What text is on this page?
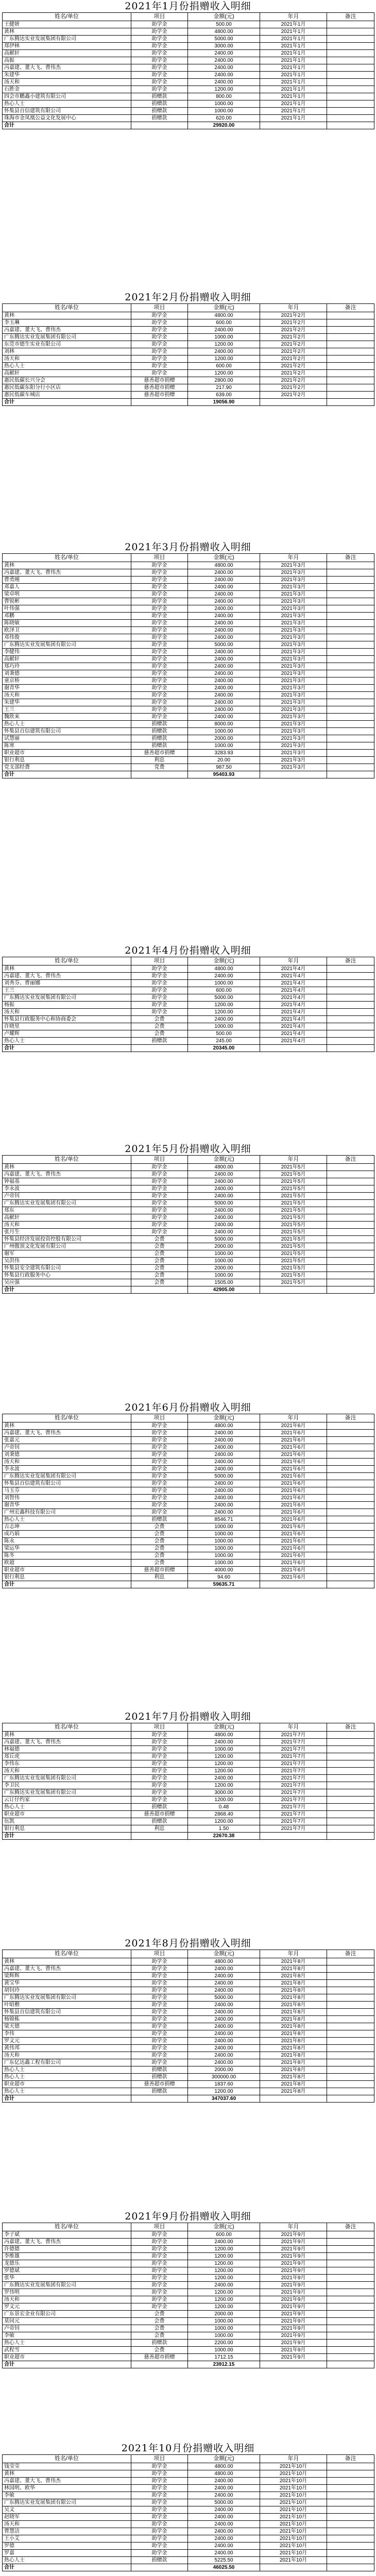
2021年1月份捐赠收入明细
姓名/单位	项目	金额(元)	年月	备注
王健妍	助学金	500.00	2021年1月	
黄林	助学金	4800.00	2021年1月	
广东腾达实业发展集团有限公司	助学金	5000.00	2021年1月	
郑伊林	助学金	3000.00	2021年1月	
高献轩	助学金	2400.00	2021年1月	
高振	助学金	2400.00	2021年1月	
冯嘉建、董大飞、曹伟杰	助学金	2400.00	2021年1月	
朱建华	助学金	2400.00	2021年1月	
汤天和	助学金	2400.00	2021年1月	
石胜金	助学金	1200.00	2021年1月	
四会市鹏鑫小建筑有限公司	捐赠款	800.00	2021年1月	
热心人士	捐赠款	1000.00	2021年1月	
怀集县百信建筑有限公司	捐赠款	1000.00	2021年1月	
珠海市金凤凰公益文化发展中心	捐赠款	620.00	2021年1月	
合计		29920.00		
2021年2月份捐赠收入明细
姓名/单位	项目	金额(元)	年月	备注
黄林	助学金	4800.00	2021年2月	
李玉琳	助学金	600.00	2021年2月	
冯嘉建、董大飞、曹伟杰	助学金	2400.00	2021年2月	
广东腾达实业发展集团有限公司	助学金	1000.00	2021年2月	
东莞市德生实业有限公司	助学金	1200.00	2021年2月	
刘林	助学金	2400.00	2021年2月	
汤天和	助学金	1200.00	2021年2月	
热心人士	助学金	600.00	2021年2月	
高献轩	助学金	1200.00	2021年2月	
惠民低碳长兴分会	慈善超市捐赠	2800.00	2021年2月	
惠民低碳东阳分行小区店	慈善超市捐赠	217.90	2021年2月	
惠民低碳车城店	慈善超市捐赠	639.00	2021年2月	
合计		19056.90		
2021年3月份捐赠收入明细
姓名/单位	项目	金额(元)	年月	备注
黄林	助学金	4800.00	2021年3月	
冯嘉建、董大飞、曹伟杰	助学金	2400.00	2021年3月	
曹勇刚	助学金	2400.00	2021年3月	
邓嘉人	助学金	2400.00	2021年3月	
梁卓明	助学金	2400.00	2021年3月	
曹锐彬	助学金	2400.00	2021年3月	
叶伟强	助学金	2400.00	2021年3月	
邓鹏	助学金	2400.00	2021年3月	
陈晓敏	助学金	2400.00	2021年3月	
欧泽卫	助学金	2400.00	2021年3月	
邓伟俊	助学金	2400.00	2021年3月	
广东腾达实业发展集团有限公司	助学金	5000.00	2021年3月	
李健伟	助学金	2400.00	2021年3月	
高献轩	助学金	2400.00	2021年3月	
郑巧玲	助学金	2400.00	2021年3月	
刘秉德	助学金	2400.00	2021年3月	
童京桥	助学金	2400.00	2021年3月	
谢青华	助学金	2400.00	2021年3月	
汤天和	助学金	2400.00	2021年3月	
朱建华	助学金	2400.00	2021年3月	
王兰	助学金	2400.00	2021年3月	
魏欣来	助学金	2400.00	2021年3月	
热心人士	捐赠款	8000.00	2021年3月	
怀集县百信建筑有限公司	捐赠款	1000.00	2021年3月	
试慧丽	捐赠款	2000.00	2021年3月	
陈寒	捐赠款	1000.00	2021年3月	
职业超市	慈善超市捐赠	3283.93	2021年3月	
银行利息	利息	20.00	2021年3月	
党支部经费	党费	987.50	2021年3月	
合计		95403.93		
2021年4月份捐赠收入明细
姓名/单位	项目	金额(元)	年月	备注
黄林	助学金	4800.00	2021年4月	
冯嘉建、董大飞、曹伟杰	助学金	2400.00	2021年4月	
刘秀芬、曹丽娜	助学金	1000.00	2021年4月	
王兰	助学金	600.00	2021年4月	
广东腾达实业发展集团有限公司	助学金	5000.00	2021年4月	
杨振	助学金	1200.00	2021年4月	
汤天和	助学金	1200.00	2021年4月	
怀集县行政服务中心和协商委会	会费	2400.00	2021年4月	
许晓星	会费	1000.00	2021年4月	
卢耀辉	会费	500.00	2021年4月	
热心人士	捐赠款	245.00	2021年4月	
合计		20345.00		
2021年5月份捐赠收入明细
姓名/单位	项目	金额(元)	年月	备注
黄林	助学金	4800.00	2021年5月	
冯嘉建、董大飞、曹伟杰	助学金	2400.00	2021年5月	
钟福基	助学金	2400.00	2021年5月	
李永波	助学金	2400.00	2021年5月	
卢帝钊	助学金	2400.00	2021年5月	
广东腾达实业发展集团有限公司	助学金	5000.00	2021年5月	
郑东	助学金	2400.00	2021年5月	
高献轩	助学金	2400.00	2021年5月	
汤天和	助学金	2400.00	2021年5月	
张月生	助学金	2400.00	2021年5月	
怀集县经济发展投资控股有限公司	会费	5000.00	2021年5月	
广州傲顶文化发展有限公司	会费	2000.00	2021年5月	
谢军	会费	1000.00	2021年5月	
吴洪伟	会费	1000.00	2021年5月	
怀集县安全建筑有限公司	会费	2000.00	2021年5月	
怀集县行政服务中心	会费	1000.00	2021年5月	
吴应强	会费	1505.00	2021年5月	
合计		42905.00		
2021年6月份捐赠收入明细
姓名/单位	项目	金额(元)	年月	备注
黄林	助学金	4800.00	2021年6月	
冯嘉建、董大飞、曹伟杰	助学金	2400.00	2021年6月	
张嘉元	助学金	2400.00	2021年6月	
卢帝钊	助学金	2400.00	2021年6月	
刘秉德	助学金	2400.00	2021年6月	
汤天和	助学金	2400.00	2021年6月	
李永波	助学金	2400.00	2021年6月	
广东腾达实业发展集团有限公司	助学金	5000.00	2021年6月	
怀集县百信建筑有限公司	助学金	2400.00	2021年6月	
马玉芬	助学金	2400.00	2021年6月	
刘智伟	助学金	2400.00	2021年6月	
谢青华	助学金	2400.00	2021年6月	
广州宏鑫科技有限公司	助学金	2400.00	2021年6月	
热心人士	捐赠款	8546.71	2021年6月	
吉志坤	会费	1000.00	2021年6月	
成巧娟	会费	1000.00	2021年6月	
陈永	会费	1000.00	2021年6月	
梁运华	会费	1000.00	2021年6月	
陈冬	会费	1000.00	2021年6月	
欧超	会费	1000.00	2021年6月	
职业超市	慈善超市捐赠	4000.00	2021年6月	
银行利息	利息	94.60	2021年6月	
合计		59635.71		
2021年7月份捐赠收入明细
姓名/单位	项目	金额(元)	年月	备注
黄林	助学金	4800.00	2021年7月	
冯嘉建、董大飞、曹伟杰	助学金	2400.00	2021年7月	
林福德	助学金	1000.00	2021年7月	
郑丘虎	助学金	1200.00	2021年7月	
李伟东	助学金	1200.00	2021年7月	
汤天和	助学金	1200.00	2021年7月	
广东腾达实业发展集团有限公司	助学金	2400.00	2021年7月	
李卫民	助学金	1200.00	2021年7月	
广东腾达实业发展集团有限公司	助学金	3000.00	2021年7月	
云订仔约家	助学金	1200.00	2021年7月	
热心人士	捐赠款	0.48	2021年7月	
职业超市	慈善超市捐赠	2868.40	2021年7月	
伍凯	捐赠款	1200.00	2021年7月	
银行利息	利息	1.50	2021年7月	
合计		22670.38		
2021年8月份捐赠收入明细
姓名/单位	项目	金额(元)	年月	备注
黄林	助学金	4800.00	2021年8月	
冯嘉建、董大飞、曹伟杰	助学金	2400.00	2021年8月	
梁辉辉	助学金	2400.00	2021年8月	
黄宝华	助学金	2400.00	2021年8月	
胡钊玲	助学金	2400.00	2021年8月	
广东腾达实业发展集团有限公司	助学金	5000.00	2021年8月	
叶昭楷	助学金	2400.00	2021年8月	
怀集县百信建筑有限公司	助学金	2400.00	2021年8月	
杨锦栋	助学金	2400.00	2021年8月	
梁天德	助学金	2400.00	2021年8月	
李伟	助学金	2400.00	2021年8月	
罗文元	助学金	2400.00	2021年8月	
黄伟邦	助学金	2400.00	2021年8月	
汤天和	助学金	2400.00	2021年8月	
广东亿达鑫工程有限公司	助学金	2400.00	2021年8月	
热心人士	捐赠款	2000.00	2021年8月	
热心人士	捐赠款	300000.00	2021年8月	
职业超市	慈善超市捐赠	1837.60	2021年8月	
热心人士	捐赠款	1200.00	2021年8月	
合计		347037.60		
2021年9月份捐赠收入明细
姓名/单位	项目	金额(元)	年月	备注
李子斌	助学金	600.00	2021年9月	
冯嘉建、董大飞、曹伟杰	助学金	2400.00	2021年9月	
许德德	助学金	1200.00	2021年9月	
李维雄	助学金	1200.00	2021年9月	
龙德乐	助学金	1200.00	2021年9月	
罗德斌	助学金	1200.00	2021年9月	
张华	助学金	1200.00	2021年9月	
广东腾达实业发展集团有限公司	助学金	2400.00	2021年9月	
罗伟明	助学金	1200.00	2021年9月	
汤天和	助学金	1200.00	2021年9月	
罗文元	助学金	1200.00	2021年9月	
广东景宏金业有限公司	会费	2000.00	2021年9月	
莫同元	会费	1000.00	2021年9月	
卢帝钊	会费	1000.00	2021年9月	
李敏	会费	1000.00	2021年9月	
热心人士	捐赠款	2200.00	2021年9月	
武程雪	会费	1000.00	2021年9月	
职业超市	慈善超市捐赠	1712.15	2021年9月	
合计		23912.15		
2021年10月份捐赠收入明细
姓名/单位	项目	金额(元)	年月	备注
钱莹莹	助学金	4800.00	2021年10月	
黄林	助学金	4800.00	2021年10月	
冯嘉建、董大飞、曹伟杰	助学金	2400.00	2021年10月	
林国明、欧华	助学金	2400.00	2021年10月	
李敏	助学金	2400.00	2021年10月	
广东腾达实业发展集团有限公司	助学金	5000.00	2021年10月	
吴文	助学金	2400.00	2021年10月	
赵晓军	助学金	2400.00	2021年10月	
汤天和	助学金	2400.00	2021年10月	
曹慧洁	助学金	2400.00	2021年10月	
王小艾	助学金	2400.00	2021年10月	
罗德	助学金	2400.00	2021年10月	
罗嘉	助学金	2400.00	2021年10月	
热心人士	捐赠款	5225.50	2021年10月	
合计		46025.50		
